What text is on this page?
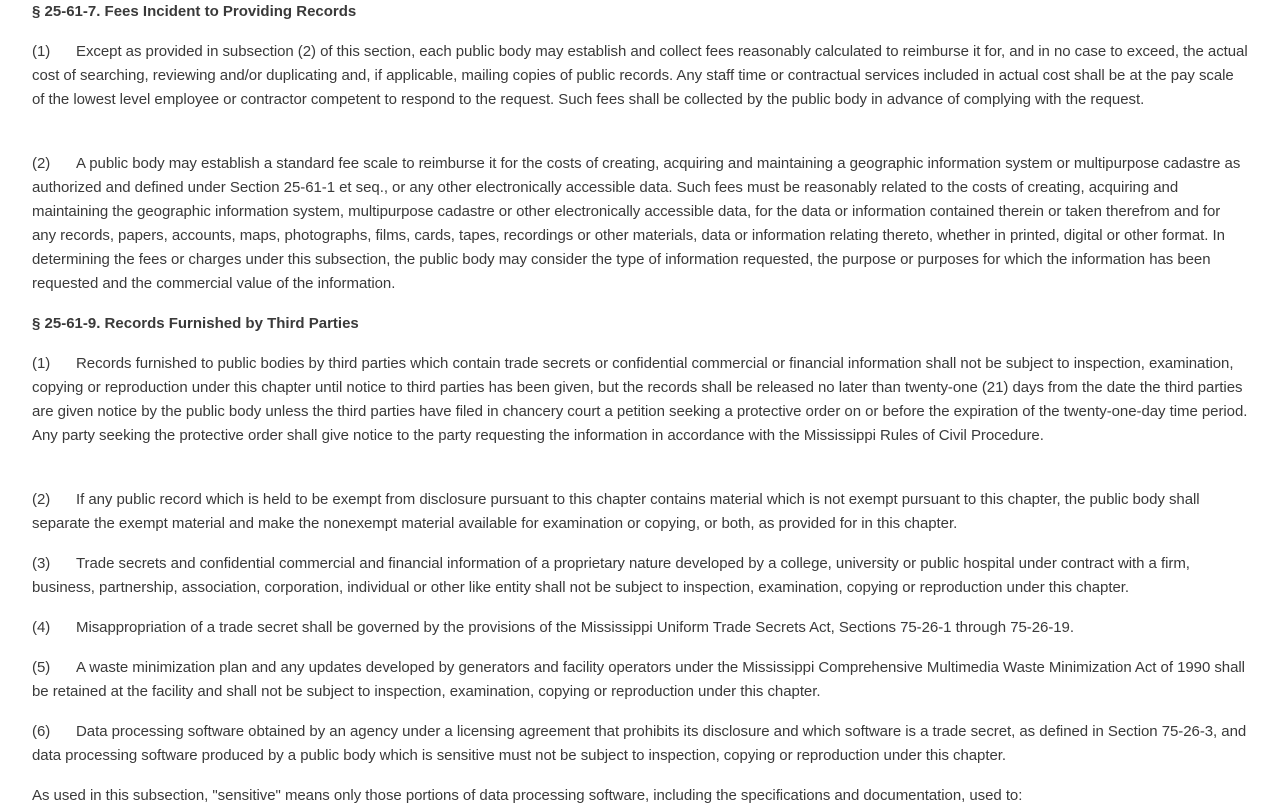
§ 25-61-7. Fees Incident to Providing Records

(1) Except as provided in subsection (2) of this section, each public body may establish and collect fees reasonably calculated to reimburse it for, and in no case to exceed, the actual cost of searching, reviewing and/or duplicating and, if applicable, mailing copies of public records. Any staff time or contractual services included in actual cost shall be at the pay scale of the lowest level employee or contractor competent to respond to the request. Such fees shall be collected by the public body in advance of complying with the request.

(2) A public body may establish a standard fee scale to reimburse it for the costs of creating, acquiring and maintaining a geographic information system or multipurpose cadastre as authorized and defined under Section 25-61-1 et seq., or any other electronically accessible data. Such fees must be reasonably related to the costs of creating, acquiring and maintaining the geographic information system, multipurpose cadastre or other electronically accessible data, for the data or information contained therein or taken therefrom and for any records, papers, accounts, maps, photographs, films, cards, tapes, recordings or other materials, data or information relating thereto, whether in printed, digital or other format. In determining the fees or charges under this subsection, the public body may consider the type of information requested, the purpose or purposes for which the information has been requested and the commercial value of the information.

§ 25-61-9. Records Furnished by Third Parties

(1) Records furnished to public bodies by third parties which contain trade secrets or confidential commercial or financial information shall not be subject to inspection, examination, copying or reproduction under this chapter until notice to third parties has been given, but the records shall be released no later than twenty-one (21) days from the date the third parties are given notice by the public body unless the third parties have filed in chancery court a petition seeking a protective order on or before the expiration of the twenty-one-day time period. Any party seeking the protective order shall give notice to the party requesting the information in accordance with the Mississippi Rules of Civil Procedure.

(2) If any public record which is held to be exempt from disclosure pursuant to this chapter contains material which is not exempt pursuant to this chapter, the public body shall separate the exempt material and make the nonexempt material available for examination or copying, or both, as provided for in this chapter.

(3) Trade secrets and confidential commercial and financial information of a proprietary nature developed by a college, university or public hospital under contract with a firm, business, partnership, association, corporation, individual or other like entity shall not be subject to inspection, examination, copying or reproduction under this chapter.

(4) Misappropriation of a trade secret shall be governed by the provisions of the Mississippi Uniform Trade Secrets Act, Sections 75-26-1 through 75-26-19.

(5) A waste minimization plan and any updates developed by generators and facility operators under the Mississippi Comprehensive Multimedia Waste Minimization Act of 1990 shall be retained at the facility and shall not be subject to inspection, examination, copying or reproduction under this chapter.

(6) Data processing software obtained by an agency under a licensing agreement that prohibits its disclosure and which software is a trade secret, as defined in Section 75-26-3, and data processing software produced by a public body which is sensitive must not be subject to inspection, copying or reproduction under this chapter.

As used in this subsection, "sensitive" means only those portions of data processing software, including the specifications and documentation, used to:
